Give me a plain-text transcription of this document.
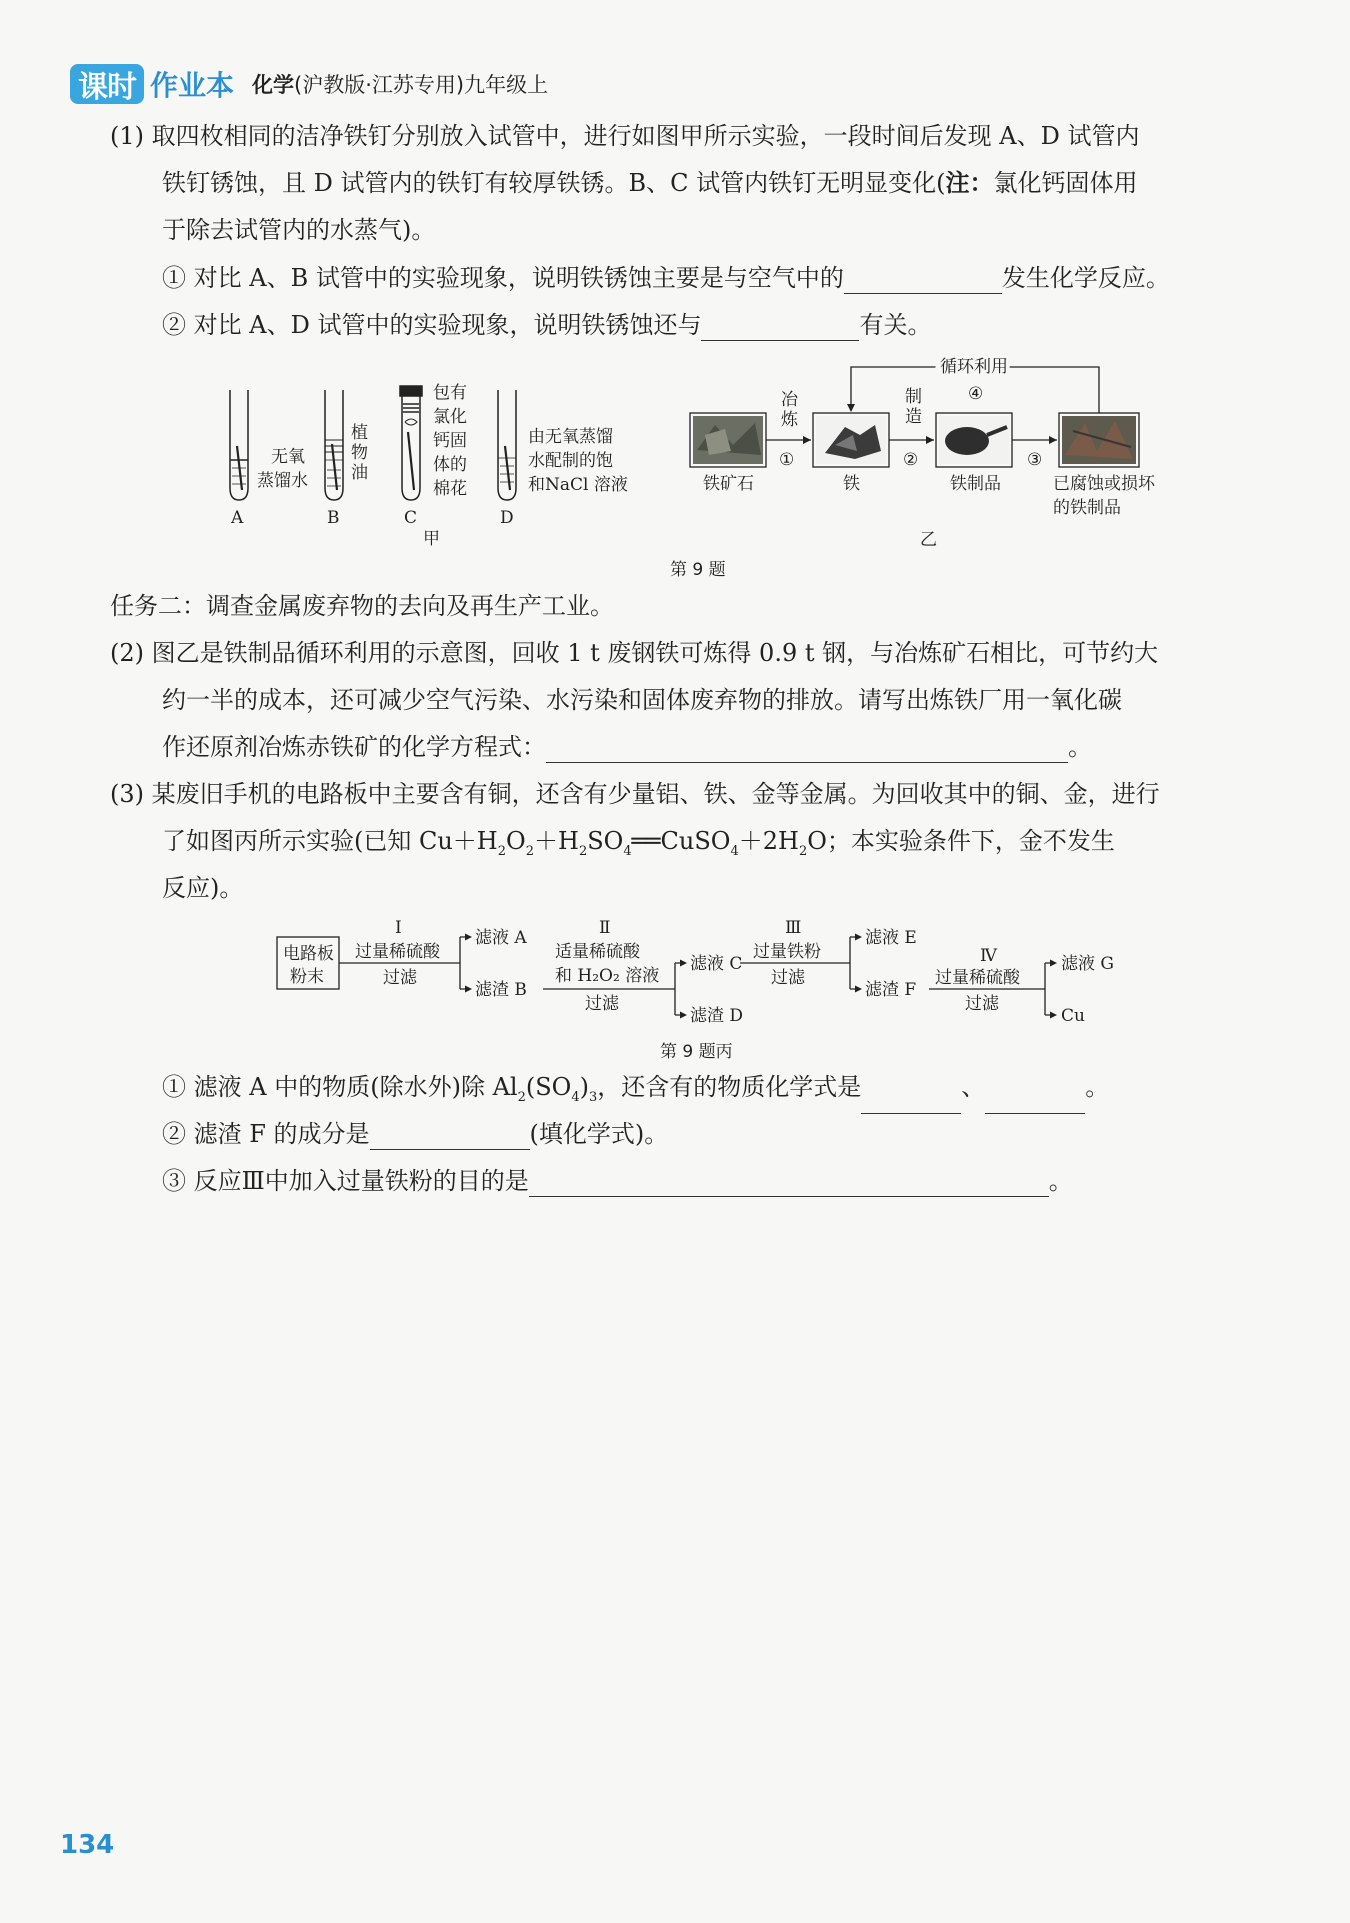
课时 作业本 化学(沪教版·江苏专用)九年级上
(1) 取四枚相同的洁净铁钉分别放入试管中，进行如图甲所示实验，一段时间后发现 A、D 试管内
铁钉锈蚀，且 D 试管内的铁钉有较厚铁锈。B、C 试管内铁钉无明显变化(注：氯化钙固体用
于除去试管内的水蒸气)。
① 对比 A、B 试管中的实验现象，说明铁锈蚀主要是与空气中的	发生化学反应。
② 对比 A、D 试管中的实验现象，说明铁锈蚀还与	有关。
A	B	C	D
无氧
蒸馏水
植
物
油
包有
氯化
钙固
体的
棉花
由无氧蒸馏
水配制的饱
和NaCl 溶液
甲
铁矿石	铁	铁制品	已腐蚀或损坏
的铁制品
冶
炼
①
制
造
②	③
循环利用
④
乙
第 9 题
任务二：调查金属废弃物的去向及再生产工业。
(2) 图乙是铁制品循环利用的示意图，回收 1 t 废钢铁可炼得 0.9 t 钢，与冶炼矿石相比，可节约大
约一半的成本，还可减少空气污染、水污染和固体废弃物的排放。请写出炼铁厂用一氧化碳
作还原剂冶炼赤铁矿的化学方程式：	。
(3) 某废旧手机的电路板中主要含有铜，还含有少量铝、铁、金等金属。为回收其中的铜、金，进行
了如图丙所示实验(已知 $Cu+H_2O_2+H_2SO_4══CuSO_4+2H_2O$；本实验条件下，金不发生
反应)。
电路板
粉末
Ⅰ
过量稀硫酸
过滤
滤液 A
滤渣 B
Ⅱ
适量稀硫酸
和 H₂O₂ 溶液
过滤
滤液 C
滤渣 D
Ⅲ
过量铁粉
过滤
滤液 E
滤渣 F
Ⅳ
过量稀硫酸
过滤
滤液 G
Cu
第 9 题丙
① 滤液 A 中的物质(除水外)除 $Al_2(SO_4)_3$，还含有的物质化学式是	、	。
② 滤渣 F 的成分是	(填化学式)。
③ 反应Ⅲ中加入过量铁粉的目的是	。
134
